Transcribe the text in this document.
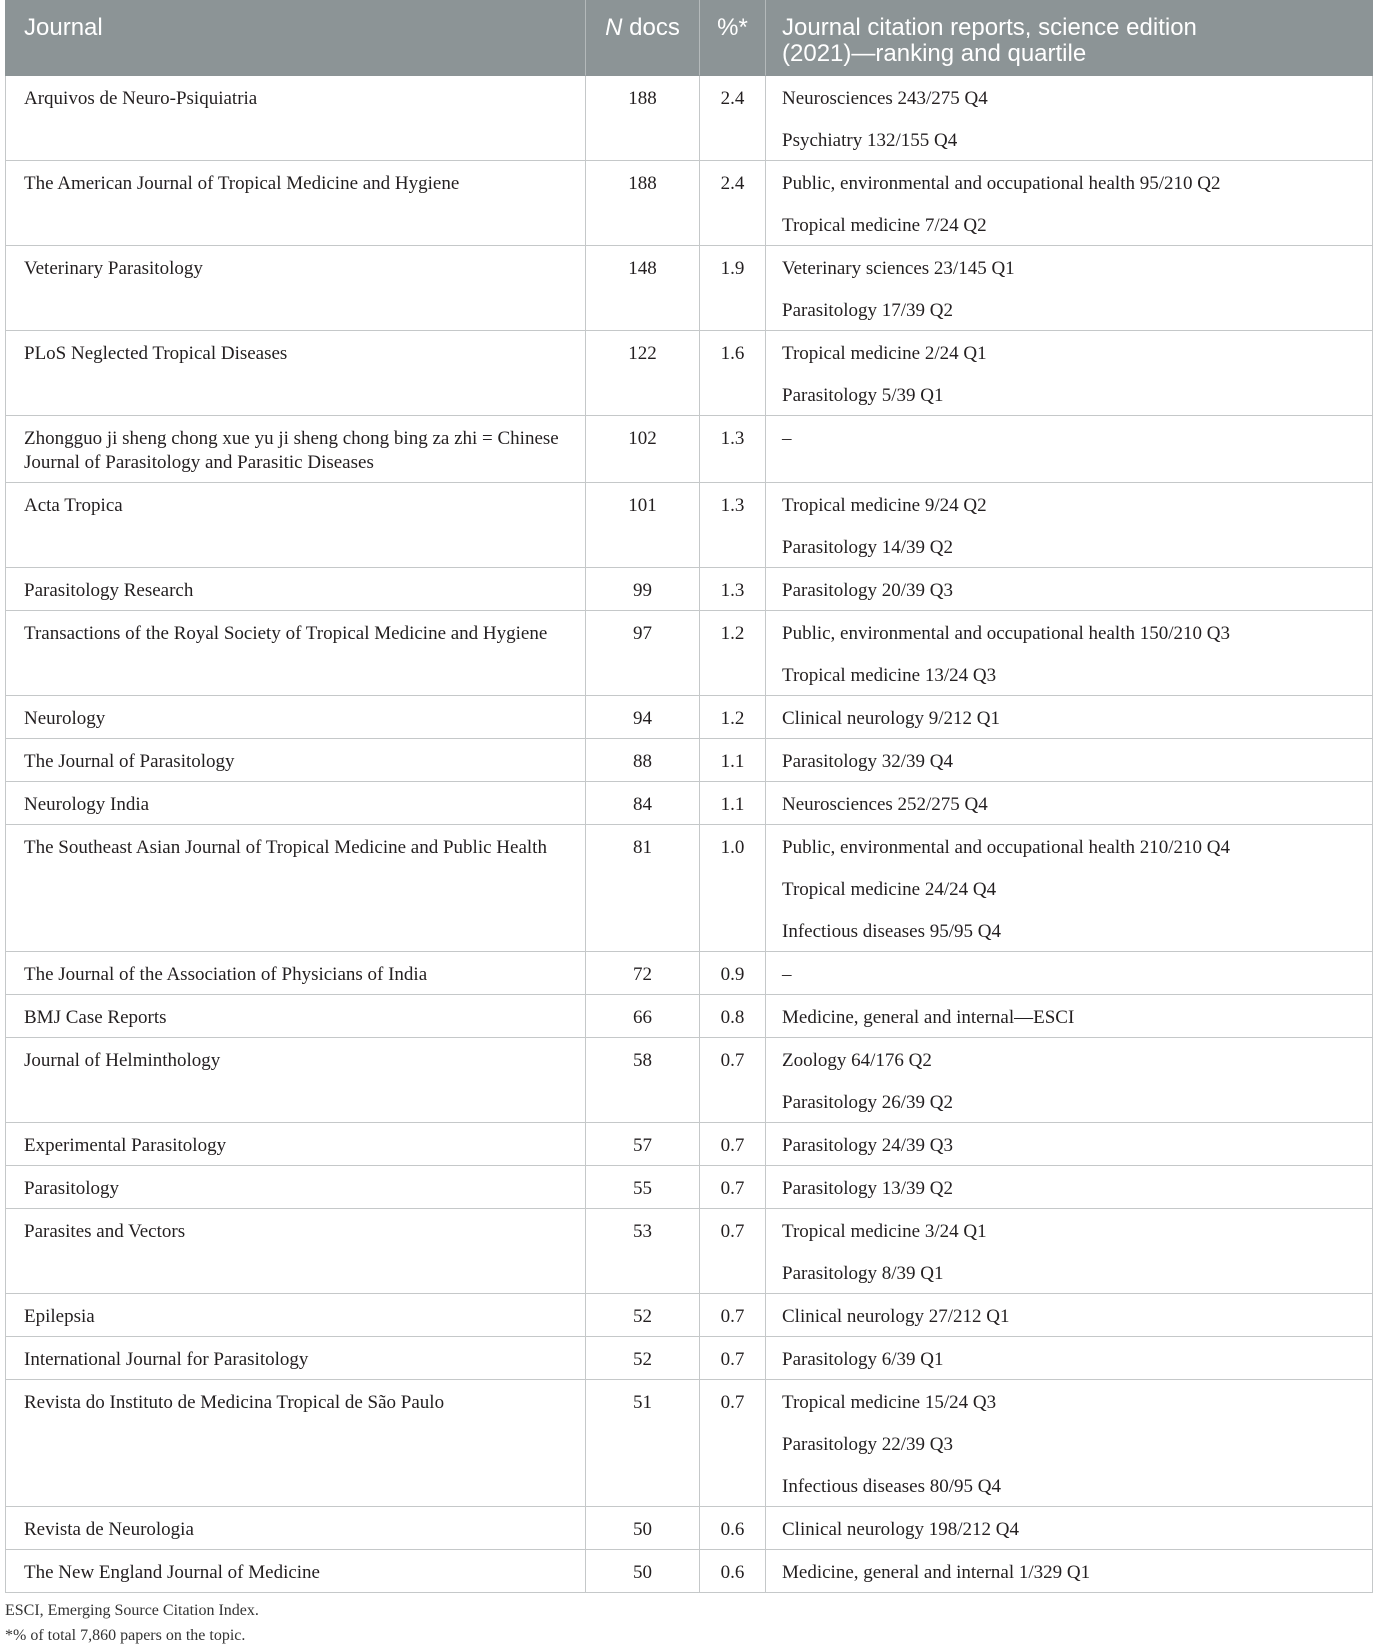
Journal	N docs	%*	Journal citation reports, science edition (2021)—ranking and quartile

Arquivos de Neuro-Psiquiatria	188	2.4	Neurosciences 243/275 Q4
Psychiatry 132/155 Q4

The American Journal of Tropical Medicine and Hygiene	188	2.4	Public, environmental and occupational health 95/210 Q2
Tropical medicine 7/24 Q2

Veterinary Parasitology	148	1.9	Veterinary sciences 23/145 Q1
Parasitology 17/39 Q2

PLoS Neglected Tropical Diseases	122	1.6	Tropical medicine 2/24 Q1
Parasitology 5/39 Q1

Zhongguo ji sheng chong xue yu ji sheng chong bing za zhi = Chinese Journal of Parasitology and Parasitic Diseases	102	1.3	–

Acta Tropica	101	1.3	Tropical medicine 9/24 Q2
Parasitology 14/39 Q2

Parasitology Research	99	1.3	Parasitology 20/39 Q3

Transactions of the Royal Society of Tropical Medicine and Hygiene	97	1.2	Public, environmental and occupational health 150/210 Q3
Tropical medicine 13/24 Q3

Neurology	94	1.2	Clinical neurology 9/212 Q1

The Journal of Parasitology	88	1.1	Parasitology 32/39 Q4

Neurology India	84	1.1	Neurosciences 252/275 Q4

The Southeast Asian Journal of Tropical Medicine and Public Health	81	1.0	Public, environmental and occupational health 210/210 Q4
Tropical medicine 24/24 Q4
Infectious diseases 95/95 Q4

The Journal of the Association of Physicians of India	72	0.9	–

BMJ Case Reports	66	0.8	Medicine, general and internal—ESCI

Journal of Helminthology	58	0.7	Zoology 64/176 Q2
Parasitology 26/39 Q2

Experimental Parasitology	57	0.7	Parasitology 24/39 Q3

Parasitology	55	0.7	Parasitology 13/39 Q2

Parasites and Vectors	53	0.7	Tropical medicine 3/24 Q1
Parasitology 8/39 Q1

Epilepsia	52	0.7	Clinical neurology 27/212 Q1

International Journal for Parasitology	52	0.7	Parasitology 6/39 Q1

Revista do Instituto de Medicina Tropical de São Paulo	51	0.7	Tropical medicine 15/24 Q3
Parasitology 22/39 Q3
Infectious diseases 80/95 Q4

Revista de Neurologia	50	0.6	Clinical neurology 198/212 Q4

The New England Journal of Medicine	50	0.6	Medicine, general and internal 1/329 Q1
ESCI, Emerging Source Citation Index.
*% of total 7,860 papers on the topic.
